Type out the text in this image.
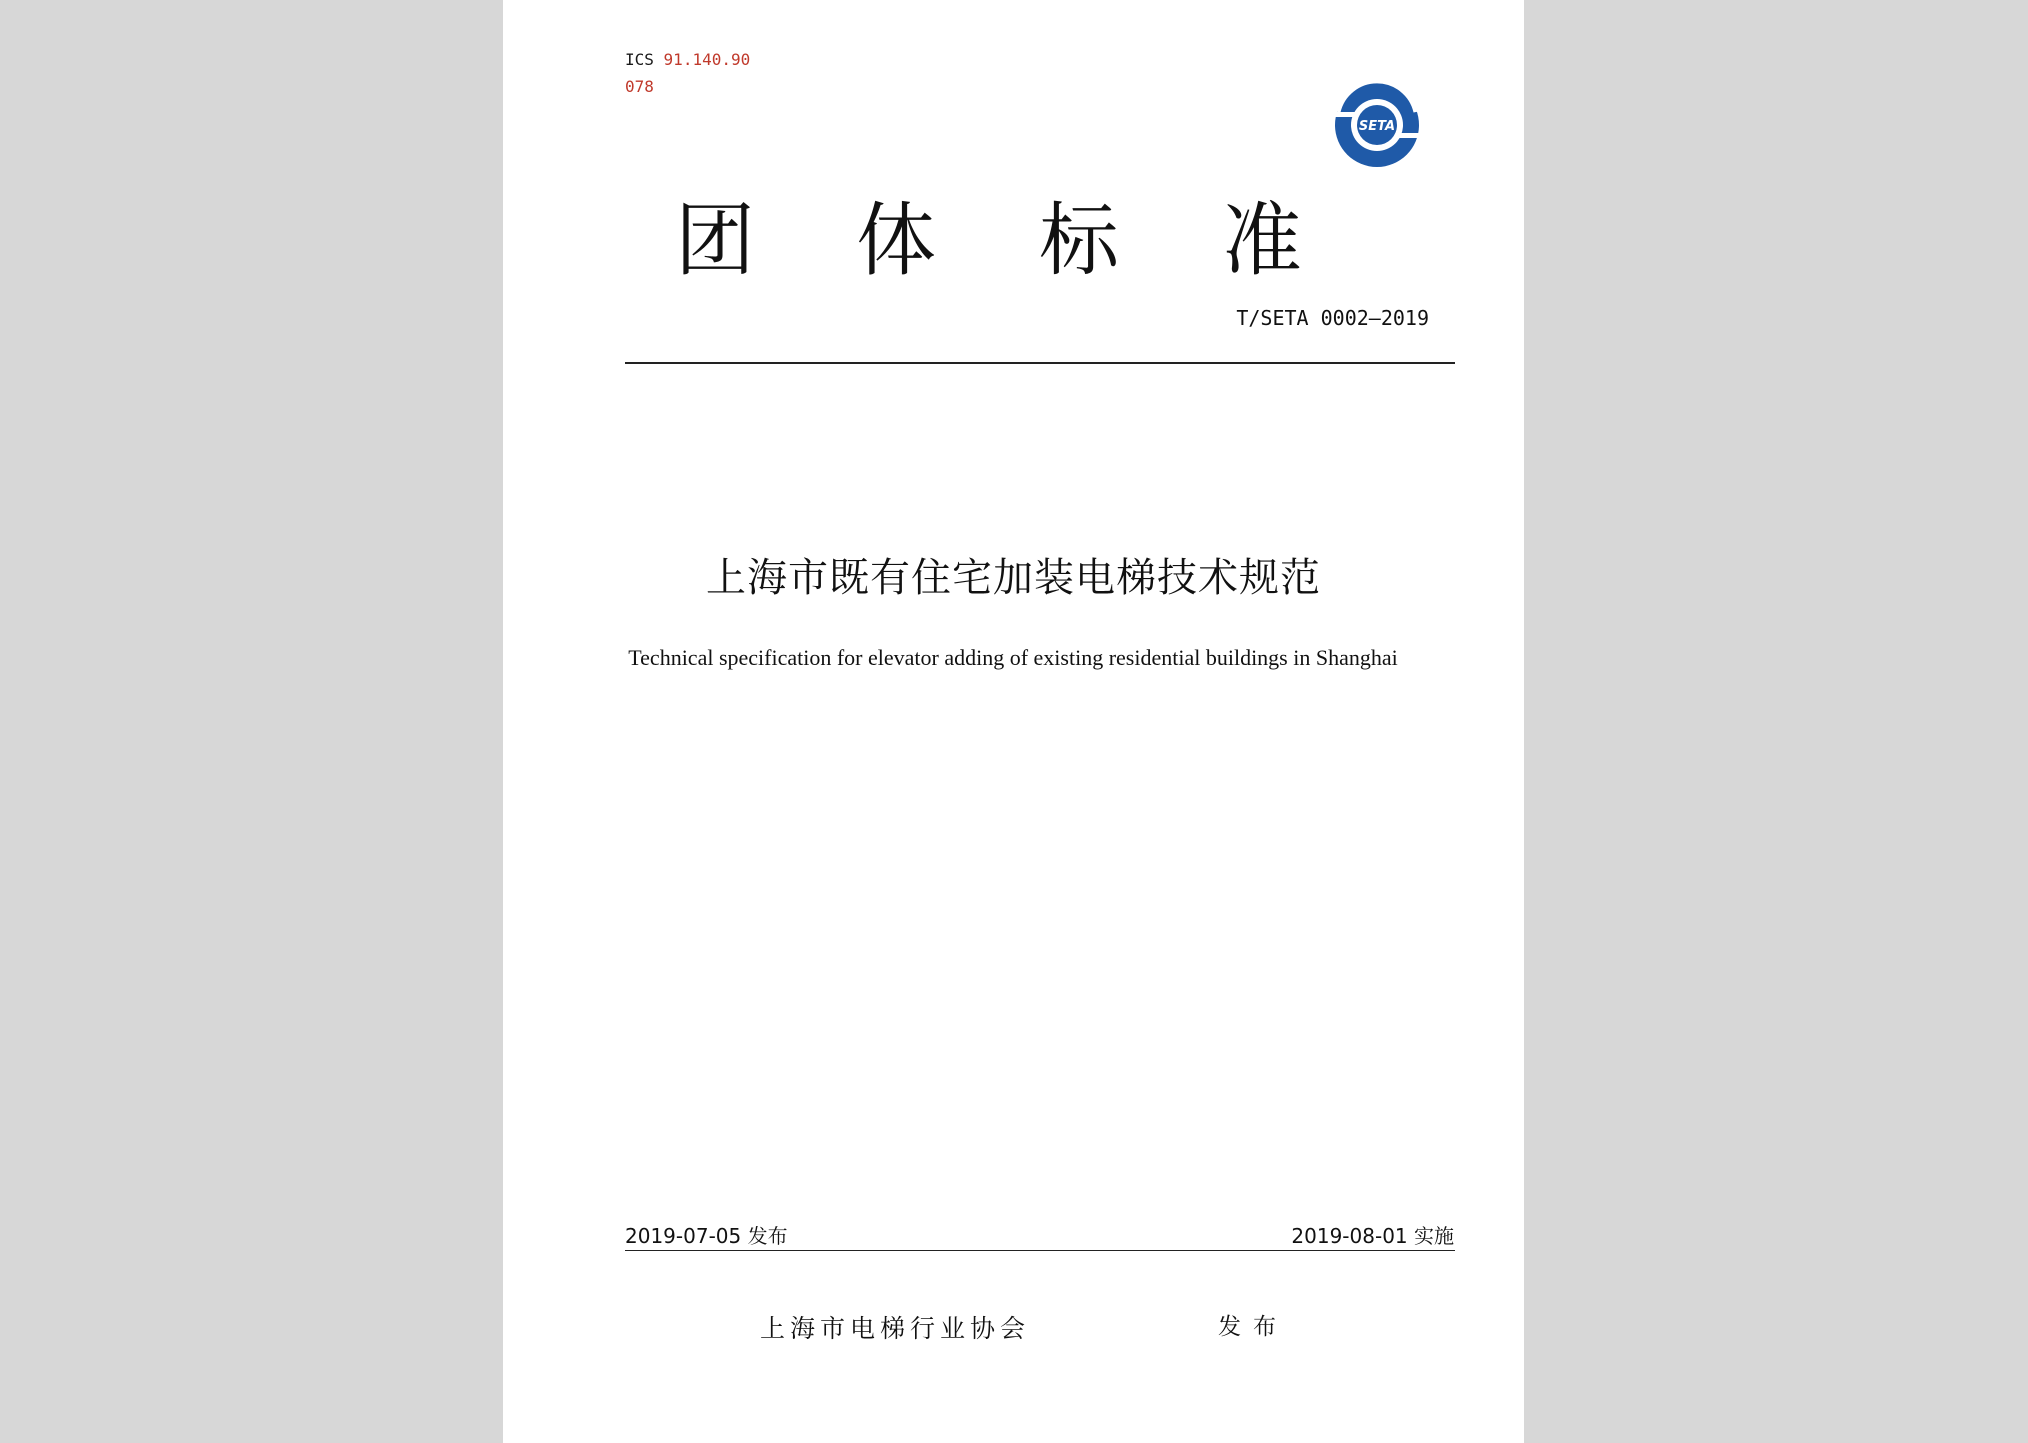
ICS 91.140.90
078
SETA
团 体 标 准
T/SETA 0002—2019
上海市既有住宅加装电梯技术规范
Technical specification for elevator adding of existing residential buildings in Shanghai
2019-07-05 发布	2019-08-01 实施
上海市电梯行业协会	发布
